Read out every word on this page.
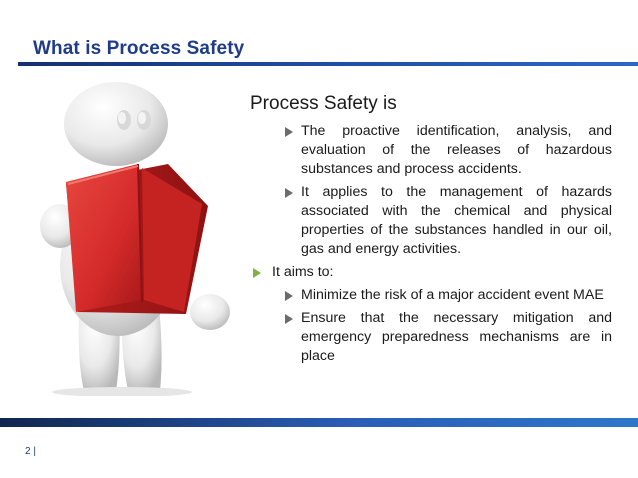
What is Process Safety
Process Safety is
The proactive identification, analysis, and evaluation of the releases of hazardous substances and process accidents.
It applies to the management of hazards associated with the chemical and physical properties of the substances handled in our oil, gas and energy activities.
It aims to:
Minimize the risk of a major accident event MAE
Ensure that the necessary mitigation and emergency preparedness mechanisms are in place
2 |
